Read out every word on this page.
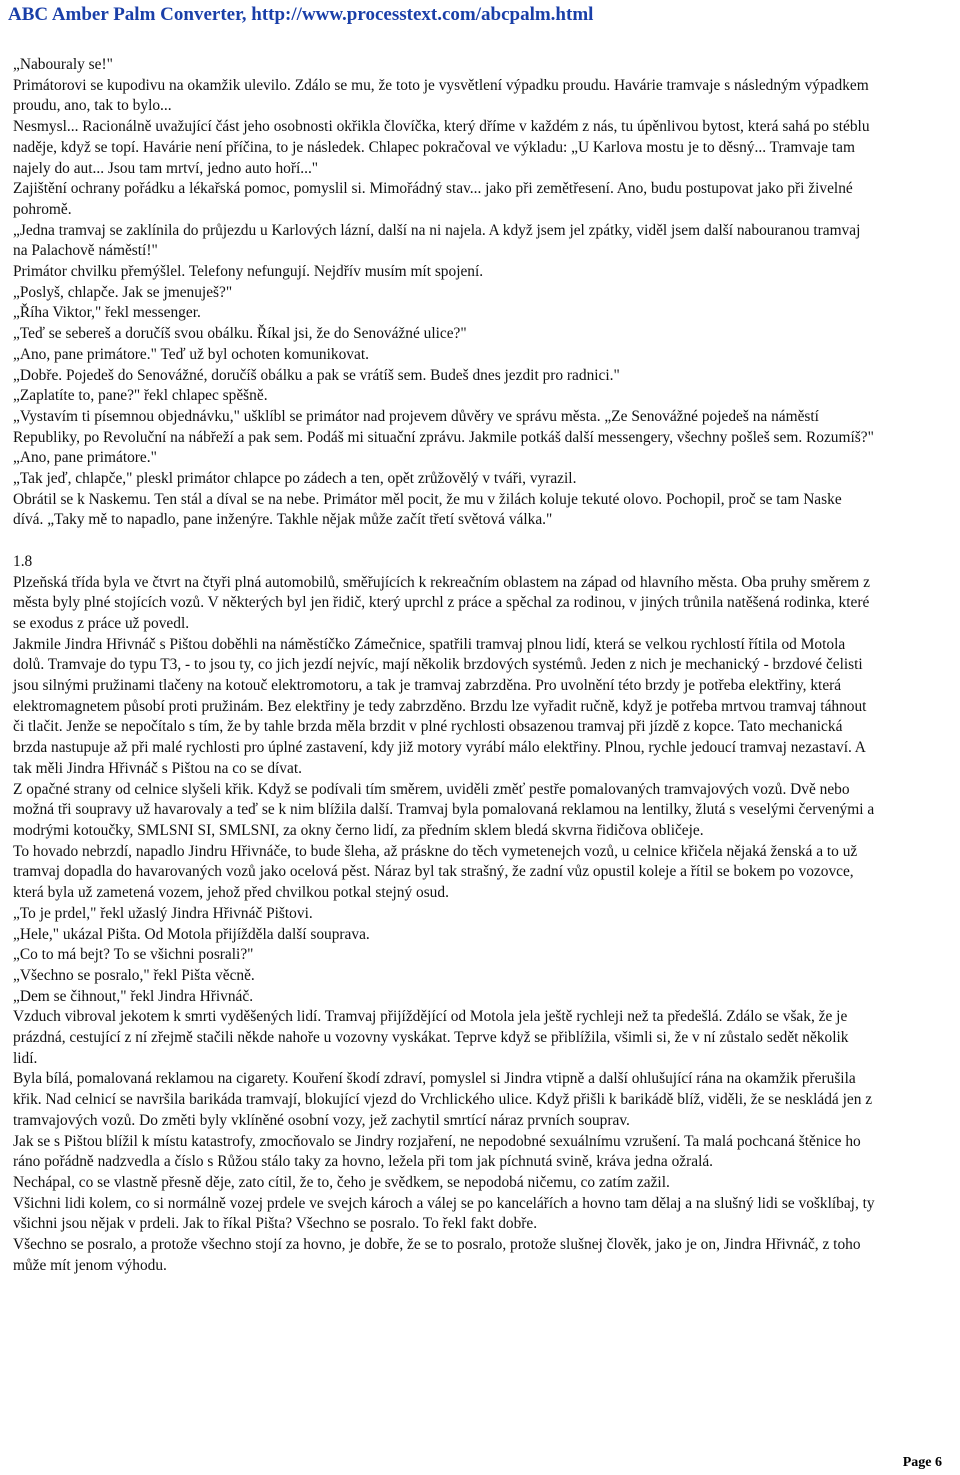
ABC Amber Palm Converter, http://www.processtext.com/abcpalm.html

„Nabouraly se!"

Primátorovi se kupodivu na okamžik ulevilo. Zdálo se mu, že toto je vysvětlení výpadku proudu. Havárie tramvaje s následným výpadkem proudu, ano, tak to bylo...

Nesmysl... Racionálně uvažující část jeho osobnosti okřikla človíčka, který dříme v každém z nás, tu úpěnlivou bytost, která sahá po stéblu naděje, když se topí. Havárie není příčina, to je následek. Chlapec pokračoval ve výkladu: „U Karlova mostu je to děsný... Tramvaje tam najely do aut... Jsou tam mrtví, jedno auto hoří..."

Zajištění ochrany pořádku a lékařská pomoc, pomyslil si. Mimořádný stav... jako při zemětřesení. Ano, budu postupovat jako při živelné pohromě.

„Jedna tramvaj se zaklínila do průjezdu u Karlových lázní, další na ni najela. A když jsem jel zpátky, viděl jsem další nabouranou tramvaj na Palachově náměstí!"

Primátor chvilku přemýšlel. Telefony nefungují. Nejdřív musím mít spojení.

„Poslyš, chlapče. Jak se jmenuješ?"

„Říha Viktor," řekl messenger.

„Teď se sebereš a doručíš svou obálku. Říkal jsi, že do Senovážné ulice?"

„Ano, pane primátore." Teď už byl ochoten komunikovat.

„Dobře. Pojedeš do Senovážné, doručíš obálku a pak se vrátíš sem. Budeš dnes jezdit pro radnici."

„Zaplatíte to, pane?" řekl chlapec spěšně.

„Vystavím ti písemnou objednávku," ušklíbl se primátor nad projevem důvěry ve správu města. „Ze Senovážné pojedeš na náměstí Republiky, po Revoluční na nábřeží a pak sem. Podáš mi situační zprávu. Jakmile potkáš další messengery, všechny pošleš sem. Rozumíš?"

„Ano, pane primátore."

„Tak jeď, chlapče," pleskl primátor chlapce po zádech a ten, opět zrůžovělý v tváři, vyrazil.

Obrátil se k Naskemu. Ten stál a díval se na nebe. Primátor měl pocit, že mu v žilách koluje tekuté olovo. Pochopil, proč se tam Naske dívá. „Taky mě to napadlo, pane inženýre. Takhle nějak může začít třetí světová válka."

1.8

Plzeňská třída byla ve čtvrt na čtyři plná automobilů, směřujících k rekreačním oblastem na západ od hlavního města. Oba pruhy směrem z města byly plné stojících vozů. V některých byl jen řidič, který uprchl z práce a spěchal za rodinou, v jiných trůnila natěšená rodinka, které se exodus z práce už povedl.

Jakmile Jindra Hřivnáč s Pištou doběhli na náměstíčko Zámečnice, spatřili tramvaj plnou lidí, která se velkou rychlostí řítila od Motola dolů. Tramvaje do typu T3, - to jsou ty, co jich jezdí nejvíc, mají několik brzdových systémů. Jeden z nich je mechanický - brzdové čelisti jsou silnými pružinami tlačeny na kotouč elektromotoru, a tak je tramvaj zabrzděna. Pro uvolnění této brzdy je potřeba elektřiny, která elektromagnetem působí proti pružinám. Bez elektřiny je tedy zabrzděno. Brzdu lze vyřadit ručně, když je potřeba mrtvou tramvaj táhnout či tlačit. Jenže se nepočítalo s tím, že by tahle brzda měla brzdit v plné rychlosti obsazenou tramvaj při jízdě z kopce. Tato mechanická brzda nastupuje až při malé rychlosti pro úplné zastavení, kdy již motory vyrábí málo elektřiny. Plnou, rychle jedoucí tramvaj nezastaví. A tak měli Jindra Hřivnáč s Pištou na co se dívat.

Z opačné strany od celnice slyšeli křik. Když se podívali tím směrem, uviděli změť pestře pomalovaných tramvajových vozů. Dvě nebo možná tři soupravy už havarovaly a teď se k nim blížila další. Tramvaj byla pomalovaná reklamou na lentilky, žlutá s veselými červenými a modrými kotoučky, SMLSNI SI, SMLSNI, za okny černo lidí, za předním sklem bledá skvrna řidičova obličeje.

To hovado nebrzdí, napadlo Jindru Hřivnáče, to bude šleha, až práskne do těch vymetenejch vozů, u celnice křičela nějaká ženská a to už tramvaj dopadla do havarovaných vozů jako ocelová pěst. Náraz byl tak strašný, že zadní vůz opustil koleje a řítil se bokem po vozovce, která byla už zametená vozem, jehož před chvilkou potkal stejný osud.

„To je prdel," řekl užaslý Jindra Hřivnáč Pištovi.

„Hele," ukázal Pišta. Od Motola přijížděla další souprava.

„Co to má bejt? To se všichni posrali?"

„Všechno se posralo," řekl Pišta věcně.

„Dem se čihnout," řekl Jindra Hřivnáč.

Vzduch vibroval jekotem k smrti vyděšených lidí. Tramvaj přijíždějící od Motola jela ještě rychleji než ta předešlá. Zdálo se však, že je prázdná, cestující z ní zřejmě stačili někde nahoře u vozovny vyskákat. Teprve když se přiblížila, všimli si, že v ní zůstalo sedět několik lidí.

Byla bílá, pomalovaná reklamou na cigarety. Kouření škodí zdraví, pomyslel si Jindra vtipně a další ohlušující rána na okamžik přerušila křik. Nad celnicí se navršila barikáda tramvají, blokující vjezd do Vrchlického ulice. Když přišli k barikádě blíž, viděli, že se neskládá jen z tramvajových vozů. Do změti byly vklíněné osobní vozy, jež zachytil smrtící náraz prvních souprav.

Jak se s Pištou blížil k místu katastrofy, zmocňovalo se Jindry rozjaření, ne nepodobné sexuálnímu vzrušení. Ta malá pochcaná štěnice ho ráno pořádně nadzvedla a číslo s Růžou stálo taky za hovno, ležela při tom jak píchnutá svině, kráva jedna ožralá.

Nechápal, co se vlastně přesně děje, zato cítil, že to, čeho je svědkem, se nepodobá ničemu, co zatím zažil.

Všichni lidi kolem, co si normálně vozej prdele ve svejch károch a válej se po kancelářích a hovno tam dělaj a na slušný lidi se vošklíbaj, ty všichni jsou nějak v prdeli. Jak to říkal Pišta? Všechno se posralo. To řekl fakt dobře.

Všechno se posralo, a protože všechno stojí za hovno, je dobře, že se to posralo, protože slušnej člověk, jako je on, Jindra Hřivnáč, z toho může mít jenom výhodu.

Page 6
